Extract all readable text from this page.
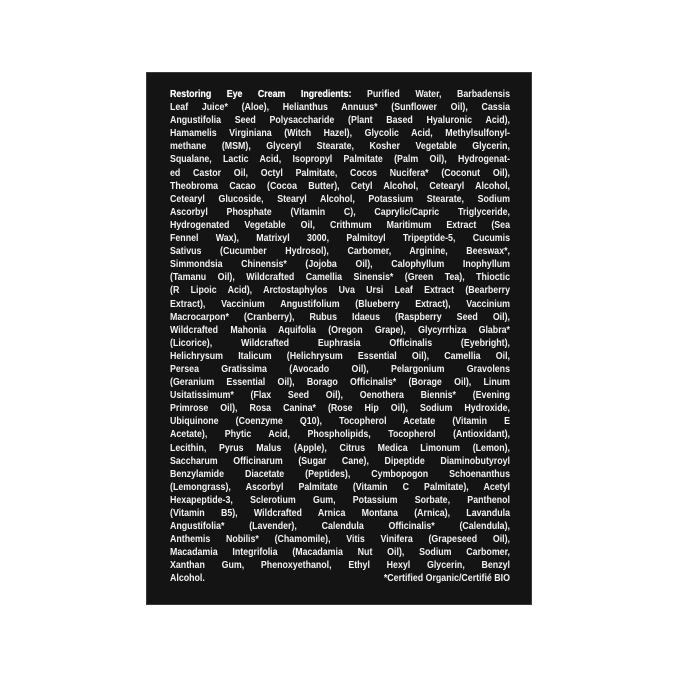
Restoring Eye Cream Ingredients: Purified Water, Barbadensis
Leaf Juice* (Aloe), Helianthus Annuus* (Sunflower Oil), Cassia
Angustifolia Seed Polysaccharide (Plant Based Hyaluronic Acid),
Hamamelis Virginiana (Witch Hazel), Glycolic Acid, Methylsulfonyl-
methane (MSM), Glyceryl Stearate, Kosher Vegetable Glycerin,
Squalane, Lactic Acid, Isopropyl Palmitate (Palm Oil), Hydrogenat-
ed Castor Oil, Octyl Palmitate, Cocos Nucifera* (Coconut Oil),
Theobroma Cacao (Cocoa Butter), Cetyl Alcohol, Cetearyl Alcohol,
Cetearyl Glucoside, Stearyl Alcohol, Potassium Stearate, Sodium
Ascorbyl Phosphate (Vitamin C), Caprylic/Capric Triglyceride,
Hydrogenated Vegetable Oil, Crithmum Maritimum Extract (Sea
Fennel Wax), Matrixyl 3000, Palmitoyl Tripeptide-5, Cucumis
Sativus (Cucumber Hydrosol), Carbomer, Arginine, Beeswax*,
Simmondsia Chinensis* (Jojoba Oil), Calophyllum Inophyllum
(Tamanu Oil), Wildcrafted Camellia Sinensis* (Green Tea), Thioctic
(R Lipoic Acid), Arctostaphylos Uva Ursi Leaf Extract (Bearberry
Extract), Vaccinium Angustifolium (Blueberry Extract), Vaccinium
Macrocarpon* (Cranberry), Rubus Idaeus (Raspberry Seed Oil),
Wildcrafted Mahonia Aquifolia (Oregon Grape), Glycyrrhiza Glabra*
(Licorice), Wildcrafted Euphrasia Officinalis (Eyebright),
Helichrysum Italicum (Helichrysum Essential Oil), Camellia Oil,
Persea Gratissima (Avocado Oil), Pelargonium Gravolens
(Geranium Essential Oil), Borago Officinalis* (Borage Oil), Linum
Usitatissimum* (Flax Seed Oil), Oenothera Biennis* (Evening
Primrose Oil), Rosa Canina* (Rose Hip Oil), Sodium Hydroxide,
Ubiquinone (Coenzyme Q10), Tocopherol Acetate (Vitamin E
Acetate), Phytic Acid, Phospholipids, Tocopherol (Antioxidant),
Lecithin, Pyrus Malus (Apple), Citrus Medica Limonum (Lemon),
Saccharum Officinarum (Sugar Cane), Dipeptide Diaminobutyroyl
Benzylamide Diacetate (Peptides), Cymbopogon Schoenanthus
(Lemongrass), Ascorbyl Palmitate (Vitamin C Palmitate), Acetyl
Hexapeptide-3, Sclerotium Gum, Potassium Sorbate, Panthenol
(Vitamin B5), Wildcrafted Arnica Montana (Arnica), Lavandula
Angustifolia* (Lavender), Calendula Officinalis* (Calendula),
Anthemis Nobilis* (Chamomile), Vitis Vinifera (Grapeseed Oil),
Macadamia Integrifolia (Macadamia Nut Oil), Sodium Carbomer,
Xanthan Gum, Phenoxyethanol, Ethyl Hexyl Glycerin, Benzyl
Alcohol.	*Certified Organic/Certifié BIO
